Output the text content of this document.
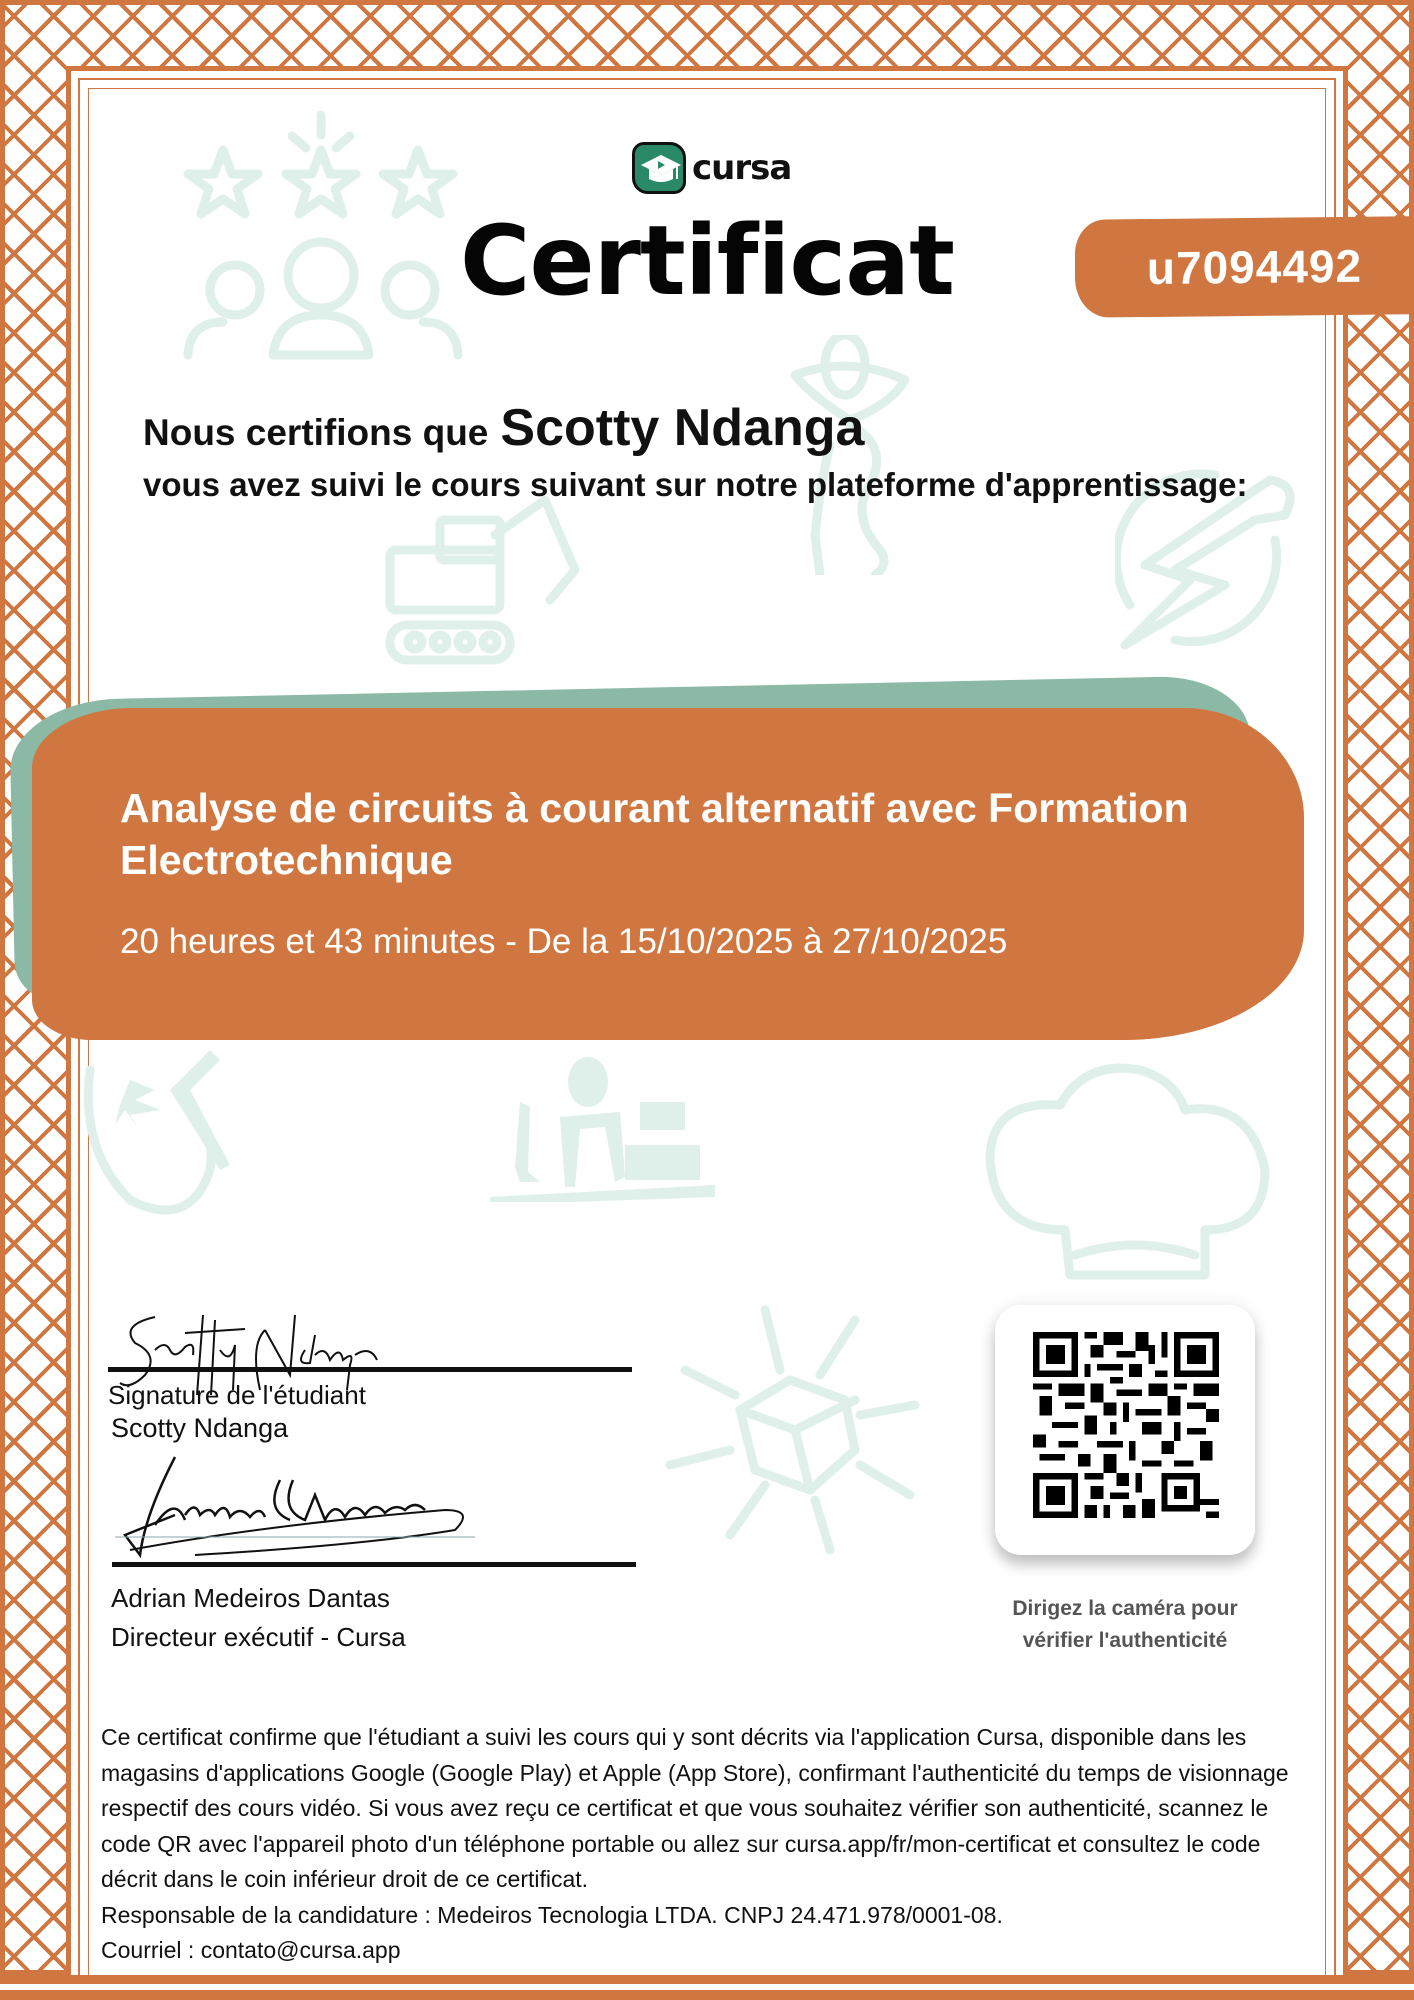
cursa
Certificat	u7094492
Nous certifions que Scotty Ndanga
vous avez suivi le cours suivant sur notre plateforme d'apprentissage:
Analyse de circuits à courant alternatif avec Formation Electrotechnique
20 heures et 43 minutes - De la 15/10/2025 à 27/10/2025
Signature de l'étudiant
Scotty Ndanga
Adrian Medeiros Dantas
Directeur exécutif - Cursa
Dirigez la caméra pour
vérifier l'authenticité

Ce certificat confirme que l'étudiant a suivi les cours qui y sont décrits via l'application Cursa, disponible dans les magasins d'applications Google (Google Play) et Apple (App Store), confirmant l'authenticité du temps de visionnage respectif des cours vidéo. Si vous avez reçu ce certificat et que vous souhaitez vérifier son authenticité, scannez le code QR avec l'appareil photo d'un téléphone portable ou allez sur cursa.app/fr/mon-certificat et consultez le code décrit dans le coin inférieur droit de ce certificat.

Responsable de la candidature : Medeiros Tecnologia LTDA. CNPJ 24.471.978/0001-08.

Courriel : contato@cursa.app
